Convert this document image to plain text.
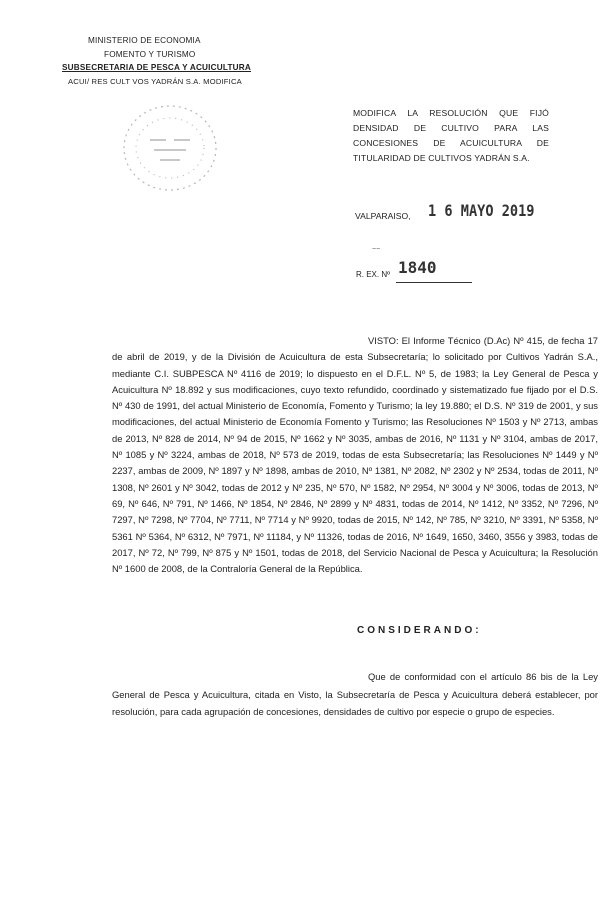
MINISTERIO DE ECONOMIA
FOMENTO Y TURISMO
SUBSECRETARIA DE PESCA Y ACUICULTURA
ACUI/ RES CULT VOS YADRÁN S.A. MODIFICA
MODIFICA LA RESOLUCIÓN QUE FIJÓ DENSIDAD DE CULTIVO PARA LAS CONCESIONES DE ACUICULTURA DE TITULARIDAD DE CULTIVOS YADRÁN S.A.
VALPARAISO, 1 6 MAYO 2019
~~
R. EX. Nº 1840

VISTO: El Informe Técnico (D.Ac) Nº 415, de fecha 17 de abril de 2019, y de la División de Acuicultura de esta Subsecretaría; lo solicitado por Cultivos Yadrán S.A., mediante C.I. SUBPESCA Nº 4116 de 2019; lo dispuesto en el D.F.L. Nº 5, de 1983; la Ley General de Pesca y Acuicultura Nº 18.892 y sus modificaciones, cuyo texto refundido, coordinado y sistematizado fue fijado por el D.S. Nº 430 de 1991, del actual Ministerio de Economía, Fomento y Turismo; la ley 19.880; el D.S. Nº 319 de 2001, y sus modificaciones, del actual Ministerio de Economía Fomento y Turismo; las Resoluciones Nº 1503 y Nº 2713, ambas de 2013, Nº 828 de 2014, Nº 94 de 2015, Nº 1662 y Nº 3035, ambas de 2016, Nº 1131 y Nº 3104, ambas de 2017, Nº 1085 y Nº 3224, ambas de 2018, Nº 573 de 2019, todas de esta Subsecretaría; las Resoluciones Nº 1449 y Nº 2237, ambas de 2009, Nº 1897 y Nº 1898, ambas de 2010, Nº 1381, Nº 2082, Nº 2302 y Nº 2534, todas de 2011, Nº 1308, Nº 2601 y Nº 3042, todas de 2012 y Nº 235, Nº 570, Nº 1582, Nº 2954, Nº 3004 y Nº 3006, todas de 2013, Nº 69, Nº 646, Nº 791, Nº 1466, Nº 1854, Nº 2846, Nº 2899 y Nº 4831, todas de 2014, Nº 1412, Nº 3352, Nº 7296, Nº 7297, Nº 7298, Nº 7704, Nº 7711, Nº 7714 y Nº 9920, todas de 2015, Nº 142, Nº 785, Nº 3210, Nº 3391, Nº 5358, Nº 5361 Nº 5364, Nº 6312, Nº 7971, Nº 11184, y Nº 11326, todas de 2016, Nº 1649, 1650, 3460, 3556 y 3983, todas de 2017, Nº 72, Nº 799, Nº 875 y Nº 1501, todas de 2018, del Servicio Nacional de Pesca y Acuicultura; la Resolución Nº 1600 de 2008, de la Contraloría General de la República.

CONSIDERANDO:

Que de conformidad con el artículo 86 bis de la Ley General de Pesca y Acuicultura, citada en Visto, la Subsecretaría de Pesca y Acuicultura deberá establecer, por resolución, para cada agrupación de concesiones, densidades de cultivo por especie o grupo de especies.
